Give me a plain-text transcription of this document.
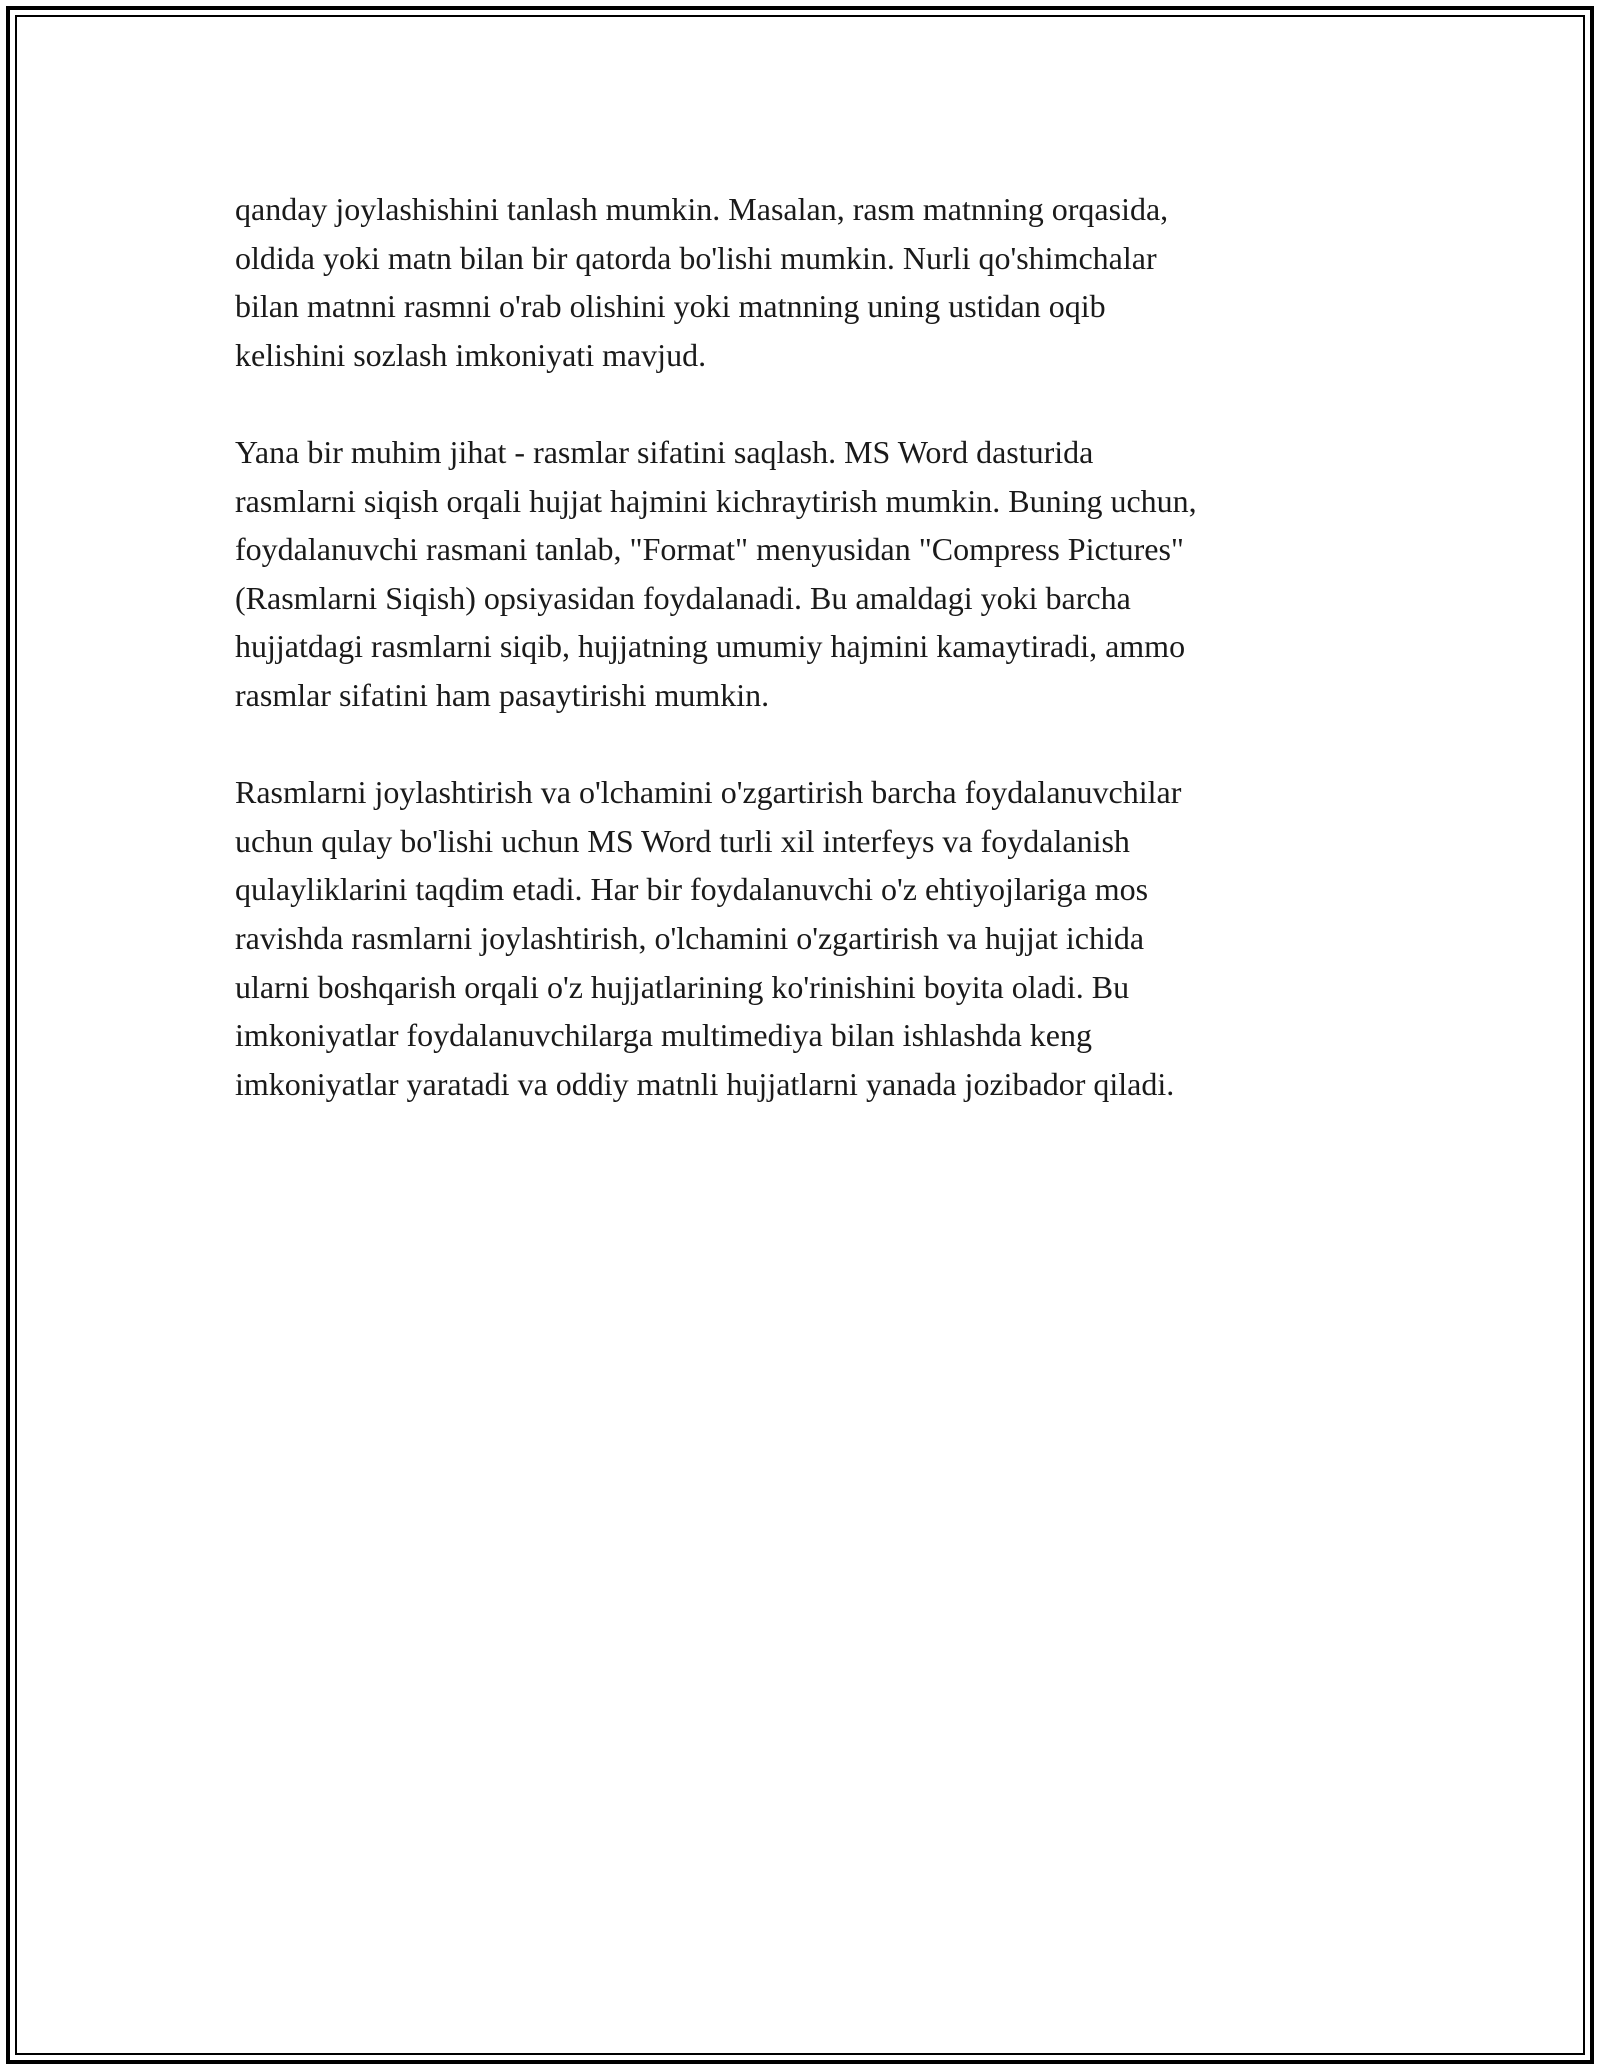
qanday joylashishini tanlash mumkin. Masalan, rasm matnning orqasida,
oldida yoki matn bilan bir qatorda bo'lishi mumkin. Nurli qo'shimchalar
bilan matnni rasmni o'rab olishini yoki matnning uning ustidan oqib
kelishini sozlash imkoniyati mavjud.

Yana bir muhim jihat - rasmlar sifatini saqlash. MS Word dasturida
rasmlarni siqish orqali hujjat hajmini kichraytirish mumkin. Buning uchun,
foydalanuvchi rasmani tanlab, "Format" menyusidan "Compress Pictures"
(Rasmlarni Siqish) opsiyasidan foydalanadi. Bu amaldagi yoki barcha
hujjatdagi rasmlarni siqib, hujjatning umumiy hajmini kamaytiradi, ammo
rasmlar sifatini ham pasaytirishi mumkin.

Rasmlarni joylashtirish va o'lchamini o'zgartirish barcha foydalanuvchilar
uchun qulay bo'lishi uchun MS Word turli xil interfeys va foydalanish
qulayliklarini taqdim etadi. Har bir foydalanuvchi o'z ehtiyojlariga mos
ravishda rasmlarni joylashtirish, o'lchamini o'zgartirish va hujjat ichida
ularni boshqarish orqali o'z hujjatlarining ko'rinishini boyita oladi. Bu
imkoniyatlar foydalanuvchilarga multimediya bilan ishlashda keng
imkoniyatlar yaratadi va oddiy matnli hujjatlarni yanada jozibador qiladi.
